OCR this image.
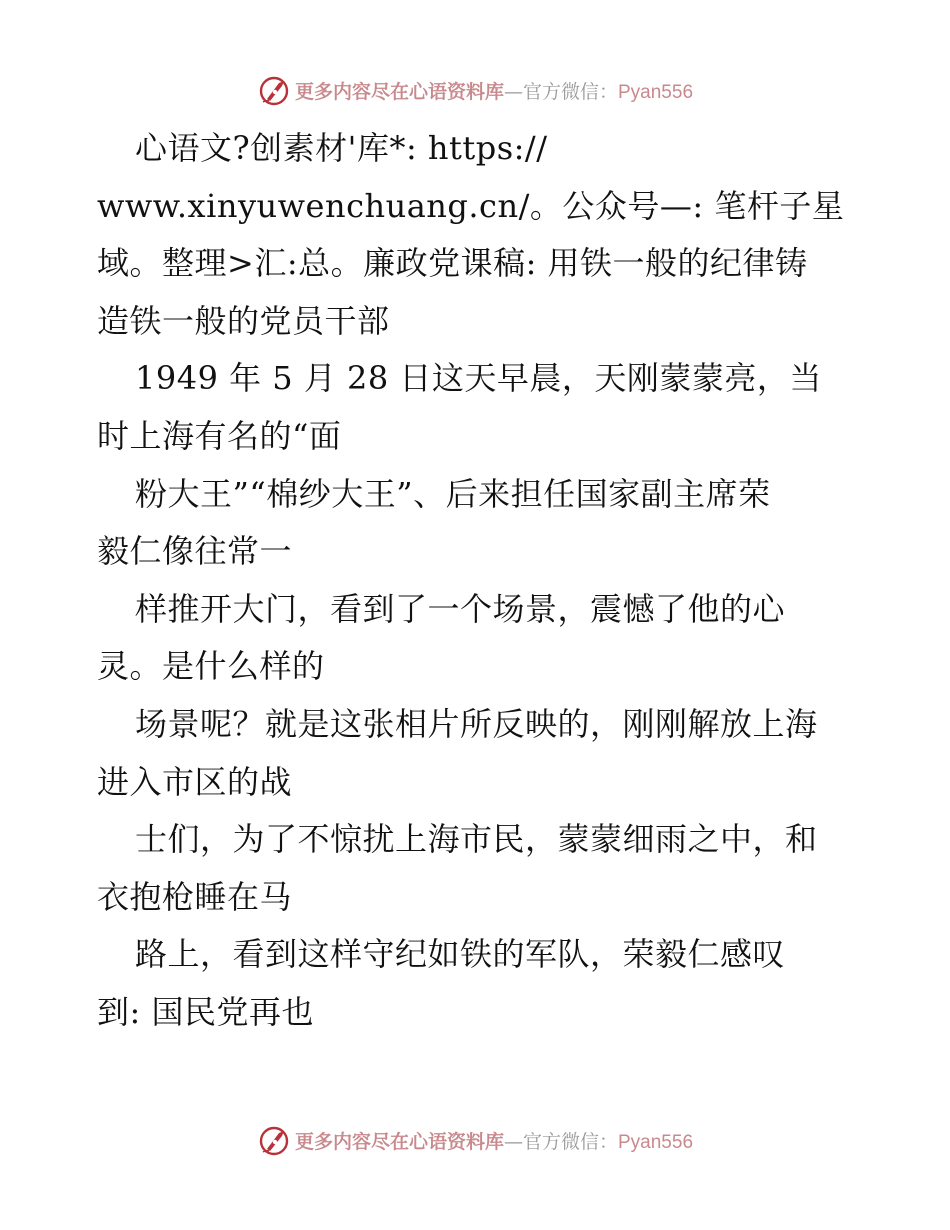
更多内容尽在心语资料库—官方微信：Pyan556
心语文?创素材'库*: https://
www.xinyuwenchuang.cn/。公众号—: 笔杆子星
域。整理>汇:总。廉政党课稿: 用铁一般的纪律铸
造铁一般的党员干部
1949 年 5 月 28 日这天早晨，天刚蒙蒙亮，当
时上海有名的“面
粉大王”“棉纱大王”、后来担任国家副主席荣
毅仁像往常一
样推开大门，看到了一个场景，震憾了他的心
灵。是什么样的
场景呢？就是这张相片所反映的，刚刚解放上海
进入市区的战
士们，为了不惊扰上海市民，蒙蒙细雨之中，和
衣抱枪睡在马
路上，看到这样守纪如铁的军队，荣毅仁感叹
到: 国民党再也
更多内容尽在心语资料库—官方微信：Pyan556
